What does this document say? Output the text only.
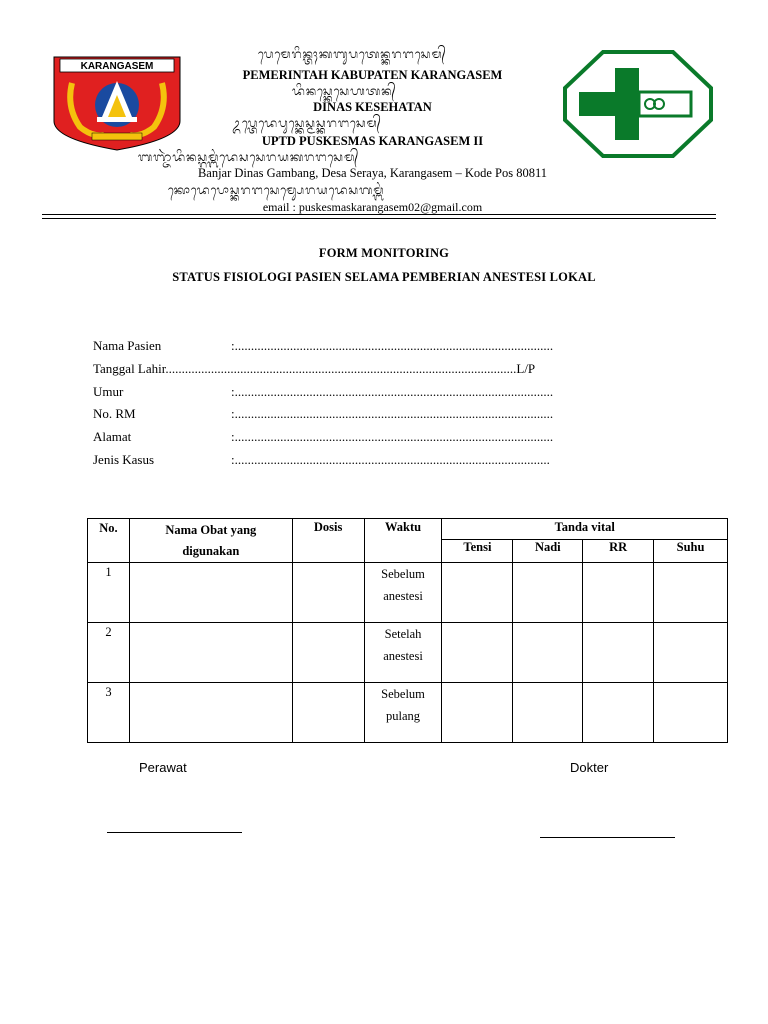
KARANGASEM
ᬧᬾᬫᬾᬭᬶᬦ᭄ᬢᬄᬓᬩᬸᬧᬢᬾᬦ᭄ᬓᬭᬗᬲᬾᬫ᭄
PEMERINTAH KABUPATEN KARANGASEM
ᬤᬶᬦᬲ᭄ᬓᬾᬲᬾᬳᬢᬦ᭄
DINAS KESEHATAN
ᬉᬧ᭄ᬢᬾᬤᬾᬧᬸᬲ᭄ᬓᬾᬲ᭄ᬫᬲ᭄ᬓᬭᬗᬲᬾᬫ᭄
UPTD PUSKESMAS KARANGASEM II
ᬩᬜ᭄ᬚᬃᬤᬶᬦᬲ᭄ᬕᬫ᭄ᬩᬂᬤᬾᬲᬲᬾᬭᬬᬓᬭᬗᬲᬾᬫ᭄
Banjar Dinas Gambang, Desa Seraya, Karangasem – Kode Pos 80811
ᬓᭀᬤᬾᬧᭀᬲ᭄ᬓᬭᬗᬲᬾᬫ᭄ᬲᬾᬭᬬᬤᬾᬲᬕᬫ᭄ᬩᬂ
email : puskesmaskarangasem02@gmail.com
FORM MONITORING
STATUS FISIOLOGI PASIEN SELAMA PEMBERIAN ANESTESI LOKAL
Nama Pasien	:..................................................................................................
Tanggal Lahir............................................................................................................L/P
Umur	:..................................................................................................
No. RM	:..................................................................................................
Alamat	:..................................................................................................
Jenis Kasus	:.................................................................................................
No.	Nama Obat yang digunakan	Dosis	Waktu	Tanda vital			
				Tensi	Nadi	RR	Suhu
1			Sebelum
anestesi				
2			Setelah
anestesi				
3			Sebelum
pulang				
Perawat	Dokter
